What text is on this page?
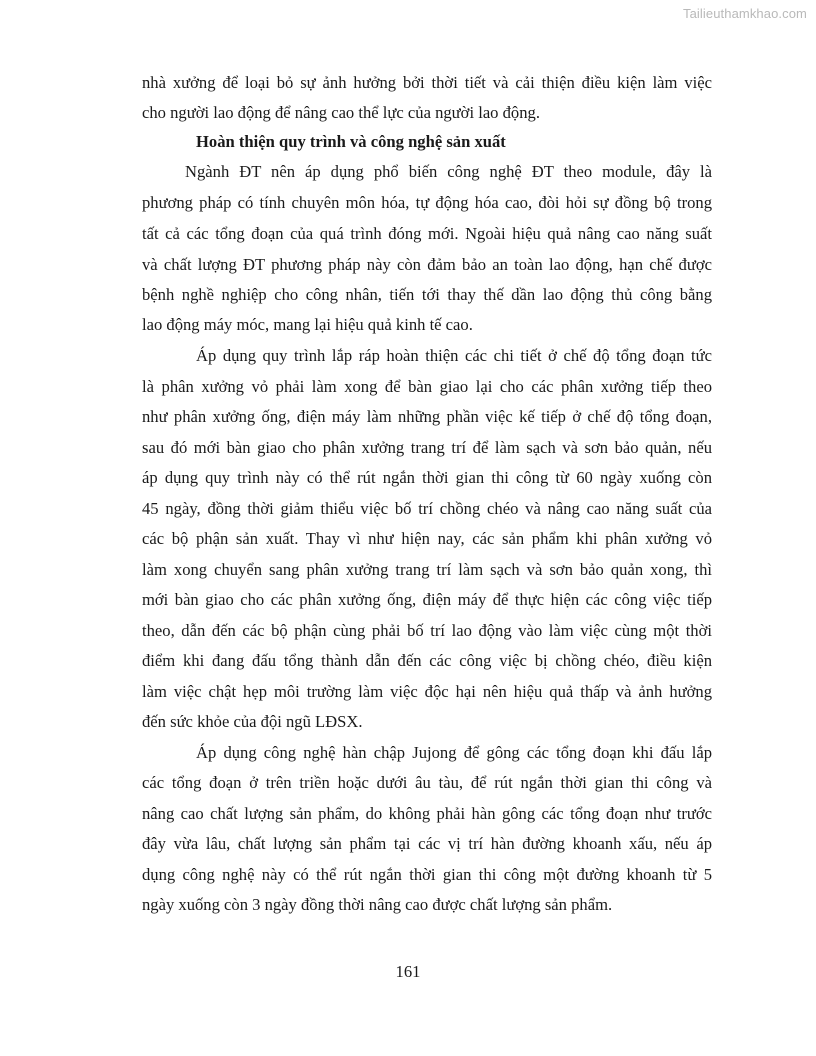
Tailieuthamkhao.com
nhà xưởng để loại bỏ sự ảnh hưởng bởi thời tiết và cải thiện điều kiện làm việc
cho người lao động để nâng cao thể lực của người lao động.
Hoàn thiện quy trình và công nghệ sản xuất
Ngành ĐT nên áp dụng phổ biến công nghệ ĐT theo module, đây là
phương pháp có tính chuyên môn hóa, tự động hóa cao, đòi hỏi sự đồng bộ trong
tất cả các tổng đoạn của quá trình đóng mới. Ngoài hiệu quả nâng cao năng suất
và chất lượng ĐT phương pháp này còn đảm bảo an toàn lao động, hạn chế được
bệnh nghề nghiệp cho công nhân, tiến tới thay thế dần lao động thủ công bằng
lao động máy móc, mang lại hiệu quả kinh tế cao.
Áp dụng quy trình lắp ráp hoàn thiện các chi tiết ở chế độ tổng đoạn tức
là phân xưởng vỏ phải làm xong để bàn giao lại cho các phân xưởng tiếp theo
như phân xưởng ống, điện máy làm những phần việc kế tiếp ở chế độ tổng đoạn,
sau đó mới bàn giao cho phân xưởng trang trí để làm sạch và sơn bảo quản, nếu
áp dụng quy trình này có thể rút ngắn thời gian thi công từ 60 ngày xuống còn
45 ngày, đồng thời giảm thiểu việc bố trí chồng chéo và nâng cao năng suất của
các bộ phận sản xuất. Thay vì như hiện nay, các sản phẩm khi phân xưởng vỏ
làm xong chuyển sang phân xưởng trang trí làm sạch và sơn bảo quản xong, thì
mới bàn giao cho các phân xưởng ống, điện máy để thực hiện các công việc tiếp
theo, dẫn đến các bộ phận cùng phải bố trí lao động vào làm việc cùng một thời
điểm khi đang đấu tổng thành dẫn đến các công việc bị chồng chéo, điều kiện
làm việc chật hẹp môi trường làm việc độc hại nên hiệu quả thấp và ảnh hưởng
đến sức khỏe của đội ngũ LĐSX.
Áp dụng công nghệ hàn chập Jujong để gông các tổng đoạn khi đấu lắp
các tổng đoạn ở trên triền hoặc dưới âu tàu, để rút ngắn thời gian thi công và
nâng cao chất lượng sản phẩm, do không phải hàn gông các tổng đoạn như trước
đây vừa lâu, chất lượng sản phẩm tại các vị trí hàn đường khoanh xấu, nếu áp
dụng công nghệ này có thể rút ngắn thời gian thi công một đường khoanh từ 5
ngày xuống còn 3 ngày đồng thời nâng cao được chất lượng sản phẩm.
161
